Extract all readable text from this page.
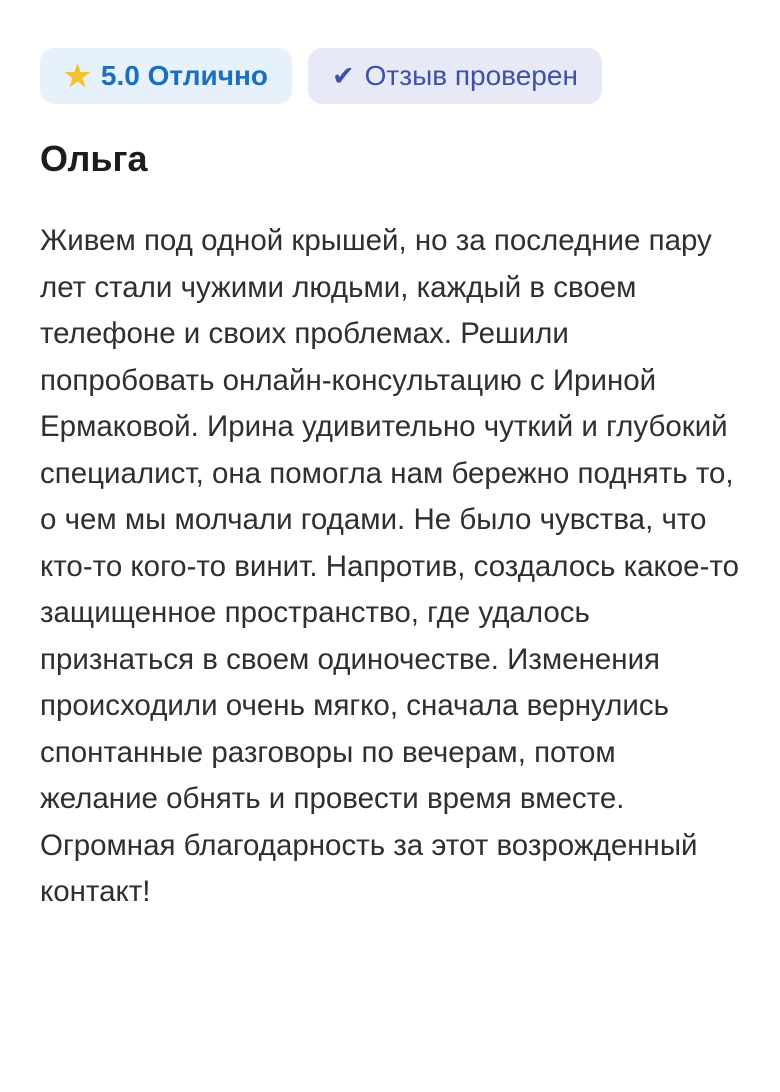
★ 5.0 Отлично ✔ Отзыв проверен
Ольга

Живем под одной крышей, но за последние пару лет стали чужими людьми, каждый в своем телефоне и своих проблемах. Решили попробовать онлайн-консультацию с Ириной Ермаковой. Ирина удивительно чуткий и глубокий специалист, она помогла нам бережно поднять то, о чем мы молчали годами. Не было чувства, что кто-то кого-то винит. Напротив, создалось какое-то защищенное пространство, где удалось признаться в своем одиночестве. Изменения происходили очень мягко, сначала вернулись спонтанные разговоры по вечерам, потом желание обнять и провести время вместе. Огромная благодарность за этот возрожденный контакт!
